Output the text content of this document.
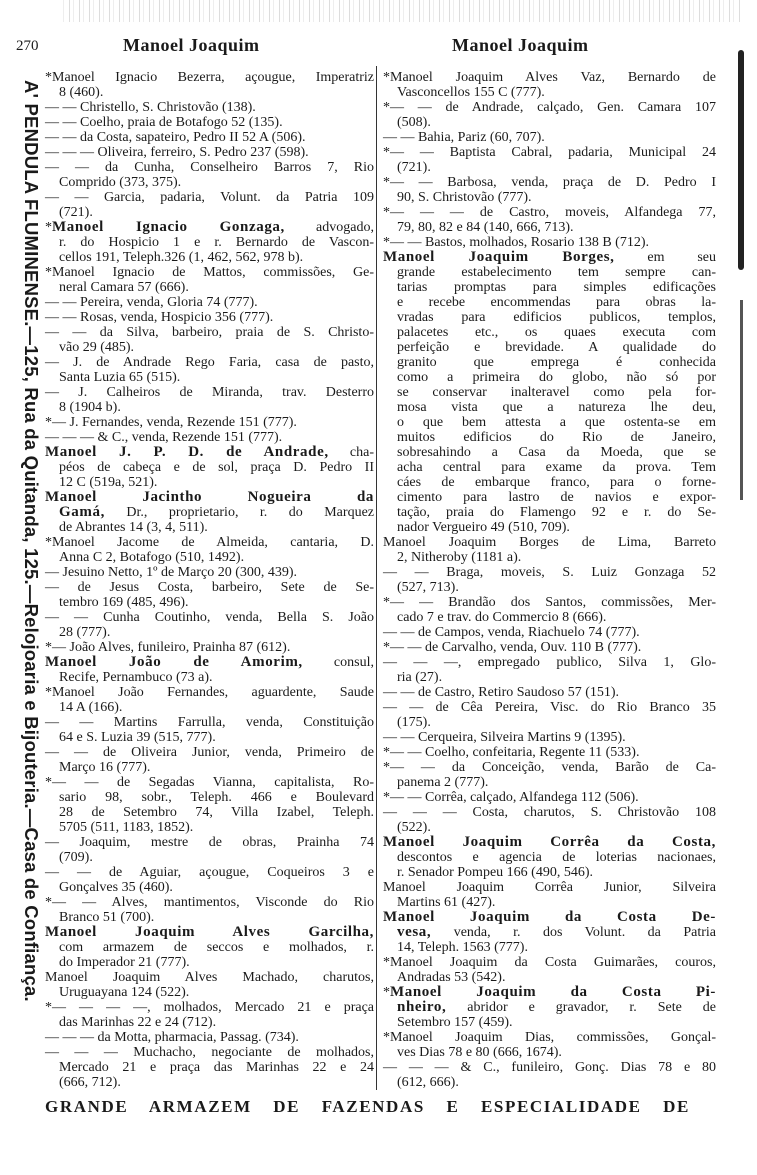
270	Manoel Joaquim	Manoel Joaquim
A' PENDULA FLUMINENSE.—125, Rua da Quitanda, 125.—Relojoaria e Bijouteria.—Casa de Confiança.
*Manoel Ignacio Bezerra, açougue, Imperatriz
8 (460).
— — Christello, S. Christovão (138).
— — Coelho, praia de Botafogo 52 (135).
— — da Costa, sapateiro, Pedro II 52 A (506).
— — — Oliveira, ferreiro, S. Pedro 237 (598).
— — da Cunha, Conselheiro Barros 7, Rio
Comprido (373, 375).
— — Garcia, padaria, Volunt. da Patria 109
(721).
*Manoel Ignacio Gonzaga, advogado,
r. do Hospicio 1 e r. Bernardo de Vascon-
cellos 191, Teleph.326 (1, 462, 562, 978 b).
*Manoel Ignacio de Mattos, commissões, Ge-
neral Camara 57 (666).
— — Pereira, venda, Gloria 74 (777).
— — Rosas, venda, Hospicio 356 (777).
— — da Silva, barbeiro, praia de S. Christo-
vão 29 (485).
— J. de Andrade Rego Faria, casa de pasto,
Santa Luzia 65 (515).
— J. Calheiros de Miranda, trav. Desterro
8 (1904 b).
*— J. Fernandes, venda, Rezende 151 (777).
— — — & C., venda, Rezende 151 (777).
Manoel J. P. D. de Andrade, cha-
péos de cabeça e de sol, praça D. Pedro II
12 C (519a, 521).
Manoel Jacintho Nogueira da
Gamá, Dr., proprietario, r. do Marquez
de Abrantes 14 (3, 4, 511).
*Manoel Jacome de Almeida, cantaria, D.
Anna C 2, Botafogo (510, 1492).
— Jesuino Netto, 1º de Março 20 (300, 439).
— de Jesus Costa, barbeiro, Sete de Se-
tembro 169 (485, 496).
— — Cunha Coutinho, venda, Bella S. João
28 (777).
*— João Alves, funileiro, Prainha 87 (612).
Manoel João de Amorim, consul,
Recife, Pernambuco (73 a).
*Manoel João Fernandes, aguardente, Saude
14 A (166).
— — Martins Farrulla, venda, Constituição
64 e S. Luzia 39 (515, 777).
— — de Oliveira Junior, venda, Primeiro de
Março 16 (777).
*— — de Segadas Vianna, capitalista, Ro-
sario 98, sobr., Teleph. 466 e Boulevard
28 de Setembro 74, Villa Izabel, Teleph.
5705 (511, 1183, 1852).
— Joaquim, mestre de obras, Prainha 74
(709).
— — de Aguiar, açougue, Coqueiros 3 e
Gonçalves 35 (460).
*— — Alves, mantimentos, Visconde do Rio
Branco 51 (700).
Manoel Joaquim Alves Garcilha,
com armazem de seccos e molhados, r.
do Imperador 21 (777).
Manoel Joaquim Alves Machado, charutos,
Uruguayana 124 (522).
*— — — —, molhados, Mercado 21 e praça
das Marinhas 22 e 24 (712).
— — — da Motta, pharmacia, Passag. (734).
— — — Muchacho, negociante de molhados,
Mercado 21 e praça das Marinhas 22 e 24
(666, 712).
*Manoel Joaquim Alves Vaz, Bernardo de
Vasconcellos 155 C (777).
*— — de Andrade, calçado, Gen. Camara 107
(508).
— — Bahia, Pariz (60, 707).
*— — Baptista Cabral, padaria, Municipal 24
(721).
*— — Barbosa, venda, praça de D. Pedro I
90, S. Christovão (777).
*— — — de Castro, moveis, Alfandega 77,
79, 80, 82 e 84 (140, 666, 713).
*— — Bastos, molhados, Rosario 138 B (712).
Manoel Joaquim Borges, em seu
grande estabelecimento tem sempre can-
tarias promptas para simples edificações
e recebe encommendas para obras la-
vradas para edificios publicos, templos,
palacetes etc., os quaes executa com
perfeição e brevidade. A qualidade do
granito que emprega é conhecida
como a primeira do globo, não só por
se conservar inalteravel como pela for-
mosa vista que a natureza lhe deu,
o que bem attesta a que ostenta-se em
muitos edificios do Rio de Janeiro,
sobresahindo a Casa da Moeda, que se
acha central para exame da prova. Tem
cáes de embarque franco, para o forne-
cimento para lastro de navios e expor-
tação, praia do Flamengo 92 e r. do Se-
nador Vergueiro 49 (510, 709).
Manoel Joaquim Borges de Lima, Barreto
2, Nitheroby (1181 a).
— — Braga, moveis, S. Luiz Gonzaga 52
(527, 713).
*— — Brandão dos Santos, commissões, Mer-
cado 7 e trav. do Commercio 8 (666).
— — de Campos, venda, Riachuelo 74 (777).
*— — de Carvalho, venda, Ouv. 110 B (777).
— — —, empregado publico, Silva 1, Glo-
ria (27).
— — de Castro, Retiro Saudoso 57 (151).
— — de Cêa Pereira, Visc. do Rio Branco 35
(175).
— — Cerqueira, Silveira Martins 9 (1395).
*— — Coelho, confeitaria, Regente 11 (533).
*— — da Conceição, venda, Barão de Ca-
panema 2 (777).
*— — Corrêa, calçado, Alfandega 112 (506).
— — — Costa, charutos, S. Christovão 108
(522).
Manoel Joaquim Corrêa da Costa,
descontos e agencia de loterias nacionaes,
r. Senador Pompeu 166 (490, 546).
Manoel Joaquim Corrêa Junior, Silveira
Martins 61 (427).
Manoel Joaquim da Costa De-
vesa, venda, r. dos Volunt. da Patria
14, Teleph. 1563 (777).
*Manoel Joaquim da Costa Guimarães, couros,
Andradas 53 (542).
*Manoel Joaquim da Costa Pi-
nheiro, abridor e gravador, r. Sete de
Setembro 157 (459).
*Manoel Joaquim Dias, commissões, Gonçal-
ves Dias 78 e 80 (666, 1674).
— — — & C., funileiro, Gonç. Dias 78 e 80
(612, 666).
GRANDE ARMAZEM DE FAZENDAS E ESPECIALIDADE DE
